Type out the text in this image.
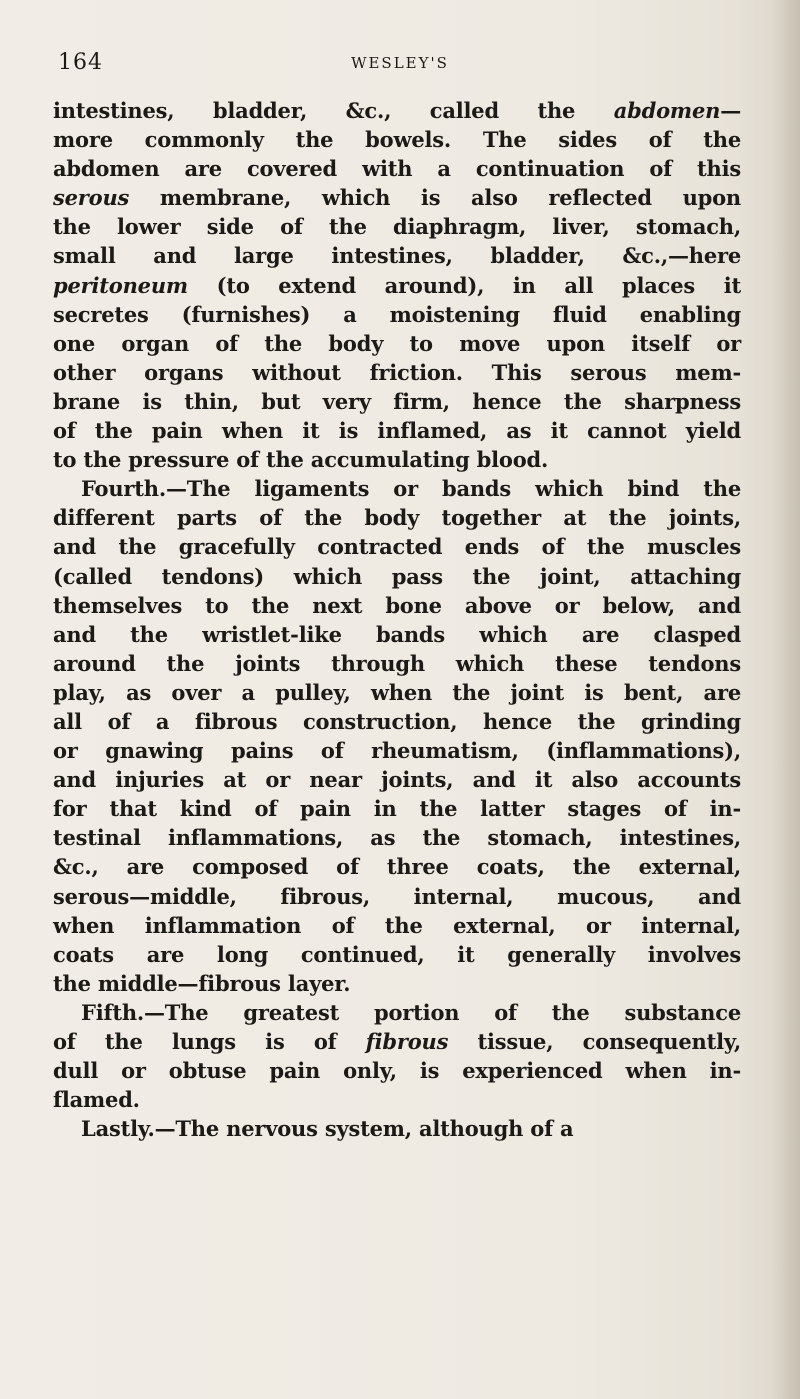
164	WESLEY'S
intestines, bladder, &c., called the abdomen—
more commonly the bowels. The sides of the
abdomen are covered with a continuation of this
serous membrane, which is also reflected upon
the lower side of the diaphragm, liver, stomach,
small and large intestines, bladder, &c.,—here
peritoneum (to extend around), in all places it
secretes (furnishes) a moistening fluid enabling
one organ of the body to move upon itself or
other organs without friction. This serous mem-
brane is thin, but very firm, hence the sharpness
of the pain when it is inflamed, as it cannot yield
to the pressure of the accumulating blood.
Fourth.—The ligaments or bands which bind the
different parts of the body together at the joints,
and the gracefully contracted ends of the muscles
(called tendons) which pass the joint, attaching
themselves to the next bone above or below, and
and the wristlet-like bands which are clasped
around the joints through which these tendons
play, as over a pulley, when the joint is bent, are
all of a fibrous construction, hence the grinding
or gnawing pains of rheumatism, (inflammations),
and injuries at or near joints, and it also accounts
for that kind of pain in the latter stages of in-
testinal inflammations, as the stomach, intestines,
&c., are composed of three coats, the external,
serous—middle, fibrous, internal, mucous, and
when inflammation of the external, or internal,
coats are long continued, it generally involves
the middle—fibrous layer.
Fifth.—The greatest portion of the substance
of the lungs is of fibrous tissue, consequently,
dull or obtuse pain only, is experienced when in-
flamed.
Lastly.—The nervous system, although of a
